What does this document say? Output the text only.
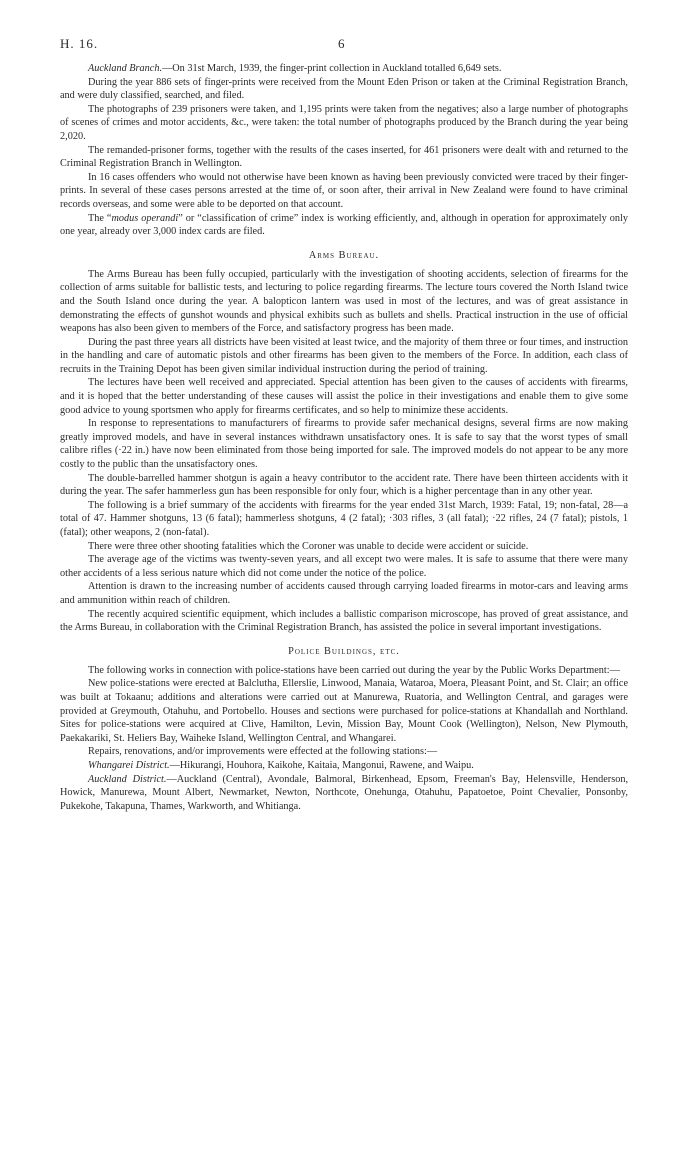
H. 16.	6

Auckland Branch.—On 31st March, 1939, the finger-print collection in Auckland totalled 6,649 sets.

During the year 886 sets of finger-prints were received from the Mount Eden Prison or taken at the Criminal Registration Branch, and were duly classified, searched, and filed.

The photographs of 239 prisoners were taken, and 1,195 prints were taken from the negatives; also a large number of photographs of scenes of crimes and motor accidents, &c., were taken: the total number of photographs produced by the Branch during the year being 2,020.

The remanded-prisoner forms, together with the results of the cases inserted, for 461 prisoners were dealt with and returned to the Criminal Registration Branch in Wellington.

In 16 cases offenders who would not otherwise have been known as having been previously convicted were traced by their finger-prints. In several of these cases persons arrested at the time of, or soon after, their arrival in New Zealand were found to have criminal records overseas, and some were able to be deported on that account.

The “modus operandi” or “classification of crime” index is working efficiently, and, although in operation for approximately only one year, already over 3,000 index cards are filed.

Arms Bureau.

The Arms Bureau has been fully occupied, particularly with the investigation of shooting accidents, selection of firearms for the collection of arms suitable for ballistic tests, and lecturing to police regarding firearms. The lecture tours covered the North Island twice and the South Island once during the year. A balopticon lantern was used in most of the lectures, and was of great assistance in demonstrating the effects of gunshot wounds and physical exhibits such as bullets and shells. Practical instruction in the use of official weapons has also been given to members of the Force, and satisfactory progress has been made.

During the past three years all districts have been visited at least twice, and the majority of them three or four times, and instruction in the handling and care of automatic pistols and other firearms has been given to the members of the Force. In addition, each class of recruits in the Training Depot has been given similar individual instruction during the period of training.

The lectures have been well received and appreciated. Special attention has been given to the causes of accidents with firearms, and it is hoped that the better understanding of these causes will assist the police in their investigations and enable them to give some good advice to young sportsmen who apply for firearms certificates, and so help to minimize these accidents.

In response to representations to manufacturers of firearms to provide safer mechanical designs, several firms are now making greatly improved models, and have in several instances withdrawn unsatisfactory ones. It is safe to say that the worst types of small calibre rifles (·22 in.) have now been eliminated from those being imported for sale. The improved models do not appear to be any more costly to the public than the unsatisfactory ones.

The double-barrelled hammer shotgun is again a heavy contributor to the accident rate. There have been thirteen accidents with it during the year. The safer hammerless gun has been responsible for only four, which is a higher percentage than in any other year.

The following is a brief summary of the accidents with firearms for the year ended 31st March, 1939: Fatal, 19; non-fatal, 28—a total of 47. Hammer shotguns, 13 (6 fatal); hammerless shotguns, 4 (2 fatal); ·303 rifles, 3 (all fatal); ·22 rifles, 24 (7 fatal); pistols, 1 (fatal); other weapons, 2 (non-fatal).

There were three other shooting fatalities which the Coroner was unable to decide were accident or suicide.

The average age of the victims was twenty-seven years, and all except two were males. It is safe to assume that there were many other accidents of a less serious nature which did not come under the notice of the police.

Attention is drawn to the increasing number of accidents caused through carrying loaded firearms in motor-cars and leaving arms and ammunition within reach of children.

The recently acquired scientific equipment, which includes a ballistic comparison microscope, has proved of great assistance, and the Arms Bureau, in collaboration with the Criminal Registration Branch, has assisted the police in several important investigations.

Police Buildings, etc.

The following works in connection with police-stations have been carried out during the year by the Public Works Department:—

New police-stations were erected at Balclutha, Ellerslie, Linwood, Manaia, Wataroa, Moera, Pleasant Point, and St. Clair; an office was built at Tokaanu; additions and alterations were carried out at Manurewa, Ruatoria, and Wellington Central, and garages were provided at Greymouth, Otahuhu, and Portobello. Houses and sections were purchased for police-stations at Khandallah and Northland. Sites for police-stations were acquired at Clive, Hamilton, Levin, Mission Bay, Mount Cook (Wellington), Nelson, New Plymouth, Paekakariki, St. Heliers Bay, Waiheke Island, Wellington Central, and Whangarei.

Repairs, renovations, and/or improvements were effected at the following stations:—

Whangarei District.—Hikurangi, Houhora, Kaikohe, Kaitaia, Mangonui, Rawene, and Waipu.

Auckland District.—Auckland (Central), Avondale, Balmoral, Birkenhead, Epsom, Freeman's Bay, Helensville, Henderson, Howick, Manurewa, Mount Albert, Newmarket, Newton, Northcote, Onehunga, Otahuhu, Papatoetoe, Point Chevalier, Ponsonby, Pukekohe, Takapuna, Thames, Warkworth, and Whitianga.
